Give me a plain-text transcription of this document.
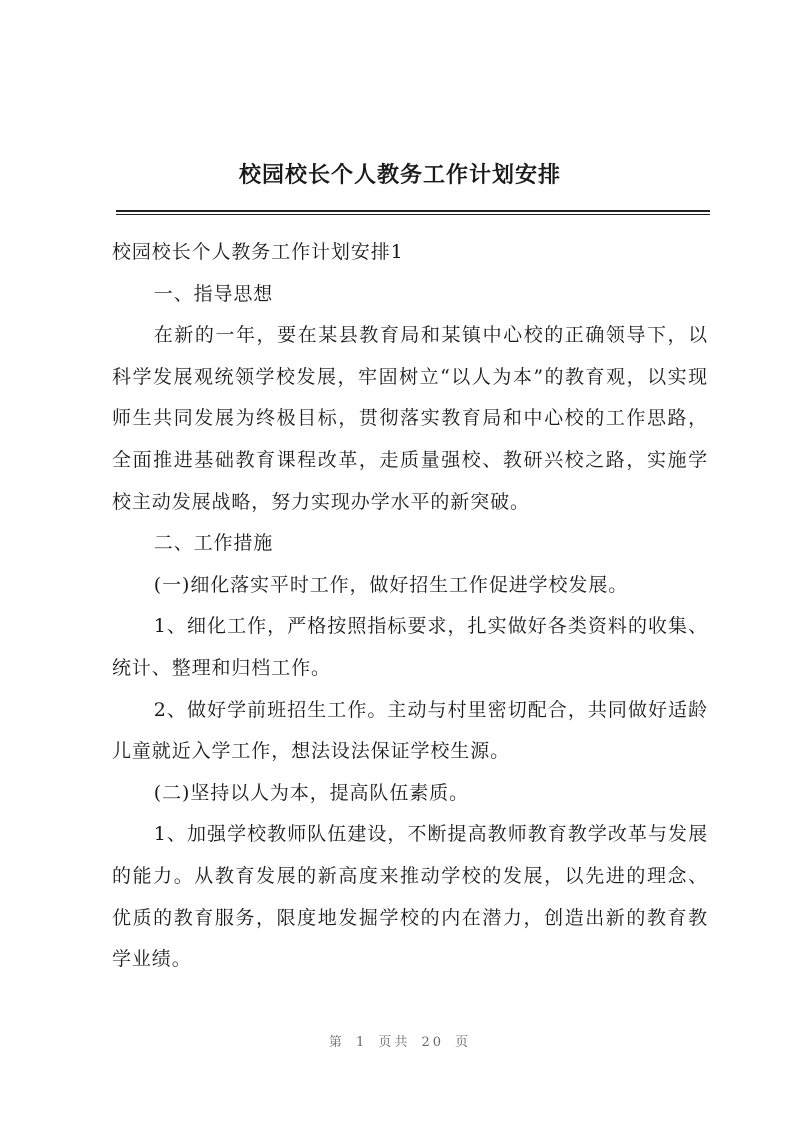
校园校长个人教务工作计划安排

校园校长个人教务工作计划安排1

一、指导思想

在新的一年，要在某县教育局和某镇中心校的正确领导下，以科学发展观统领学校发展，牢固树立“以人为本”的教育观，以实现师生共同发展为终极目标，贯彻落实教育局和中心校的工作思路，全面推进基础教育课程改革，走质量强校、教研兴校之路，实施学校主动发展战略，努力实现办学水平的新突破。

二、工作措施

(一)细化落实平时工作，做好招生工作促进学校发展。

1、细化工作，严格按照指标要求，扎实做好各类资料的收集、统计、整理和归档工作。

2、做好学前班招生工作。主动与村里密切配合，共同做好适龄儿童就近入学工作，想法设法保证学校生源。

(二)坚持以人为本，提高队伍素质。

1、加强学校教师队伍建设，不断提高教师教育教学改革与发展的能力。从教育发展的新高度来推动学校的发展，以先进的理念、优质的教育服务，限度地发掘学校的内在潜力，创造出新的教育教学业绩。

第 1 页共 20 页
